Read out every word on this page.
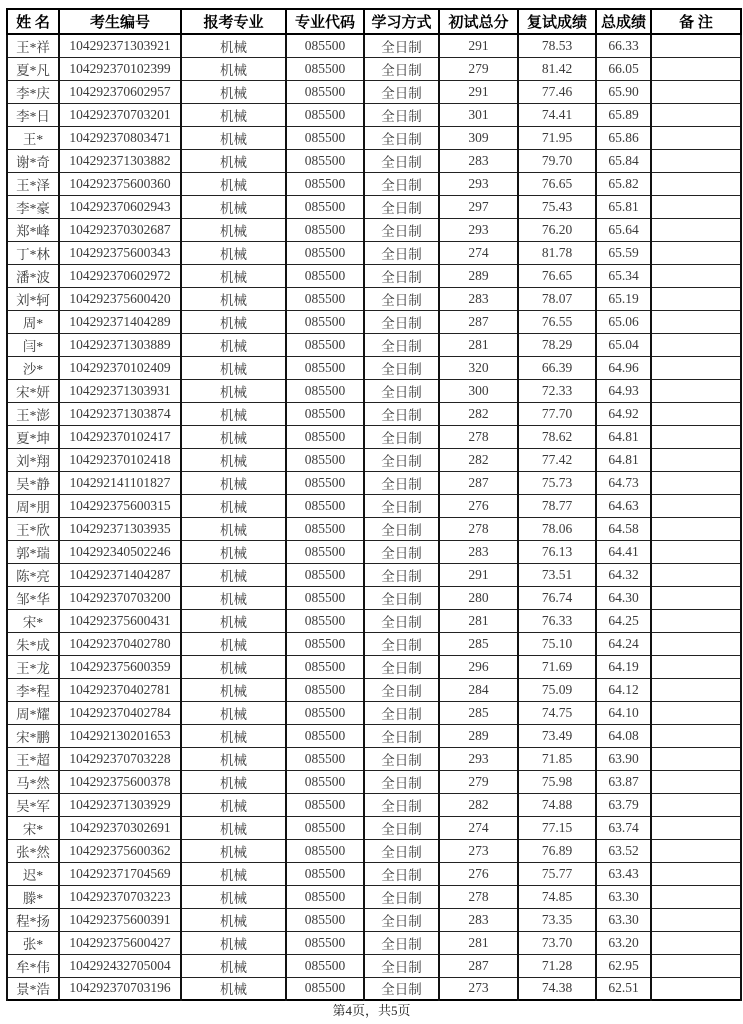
姓 名	考生编号	报考专业	专业代码	学习方式	初试总分	复试成绩	总成绩	备 注
王*祥	104292371303921	机械	085500	全日制	291	78.53	66.33	
夏*凡	104292370102399	机械	085500	全日制	279	81.42	66.05	
李*庆	104292370602957	机械	085500	全日制	291	77.46	65.90	
李*日	104292370703201	机械	085500	全日制	301	74.41	65.89	
王*	104292370803471	机械	085500	全日制	309	71.95	65.86	
谢*奇	104292371303882	机械	085500	全日制	283	79.70	65.84	
王*泽	104292375600360	机械	085500	全日制	293	76.65	65.82	
李*豪	104292370602943	机械	085500	全日制	297	75.43	65.81	
郑*峰	104292370302687	机械	085500	全日制	293	76.20	65.64	
丁*林	104292375600343	机械	085500	全日制	274	81.78	65.59	
潘*波	104292370602972	机械	085500	全日制	289	76.65	65.34	
刘*轲	104292375600420	机械	085500	全日制	283	78.07	65.19	
周*	104292371404289	机械	085500	全日制	287	76.55	65.06	
闫*	104292371303889	机械	085500	全日制	281	78.29	65.04	
沙*	104292370102409	机械	085500	全日制	320	66.39	64.96	
宋*妍	104292371303931	机械	085500	全日制	300	72.33	64.93	
王*澎	104292371303874	机械	085500	全日制	282	77.70	64.92	
夏*坤	104292370102417	机械	085500	全日制	278	78.62	64.81	
刘*翔	104292370102418	机械	085500	全日制	282	77.42	64.81	
吴*静	104292141101827	机械	085500	全日制	287	75.73	64.73	
周*朋	104292375600315	机械	085500	全日制	276	78.77	64.63	
王*欣	104292371303935	机械	085500	全日制	278	78.06	64.58	
郭*瑞	104292340502246	机械	085500	全日制	283	76.13	64.41	
陈*亮	104292371404287	机械	085500	全日制	291	73.51	64.32	
邹*华	104292370703200	机械	085500	全日制	280	76.74	64.30	
宋*	104292375600431	机械	085500	全日制	281	76.33	64.25	
朱*成	104292370402780	机械	085500	全日制	285	75.10	64.24	
王*龙	104292375600359	机械	085500	全日制	296	71.69	64.19	
李*程	104292370402781	机械	085500	全日制	284	75.09	64.12	
周*耀	104292370402784	机械	085500	全日制	285	74.75	64.10	
宋*鹏	104292130201653	机械	085500	全日制	289	73.49	64.08	
王*超	104292370703228	机械	085500	全日制	293	71.85	63.90	
马*然	104292375600378	机械	085500	全日制	279	75.98	63.87	
吴*军	104292371303929	机械	085500	全日制	282	74.88	63.79	
宋*	104292370302691	机械	085500	全日制	274	77.15	63.74	
张*然	104292375600362	机械	085500	全日制	273	76.89	63.52	
迟*	104292371704569	机械	085500	全日制	276	75.77	63.43	
滕*	104292370703223	机械	085500	全日制	278	74.85	63.30	
程*扬	104292375600391	机械	085500	全日制	283	73.35	63.30	
张*	104292375600427	机械	085500	全日制	281	73.70	63.20	
牟*伟	104292432705004	机械	085500	全日制	287	71.28	62.95	
景*浩	104292370703196	机械	085500	全日制	273	74.38	62.51	
第4页，共5页
